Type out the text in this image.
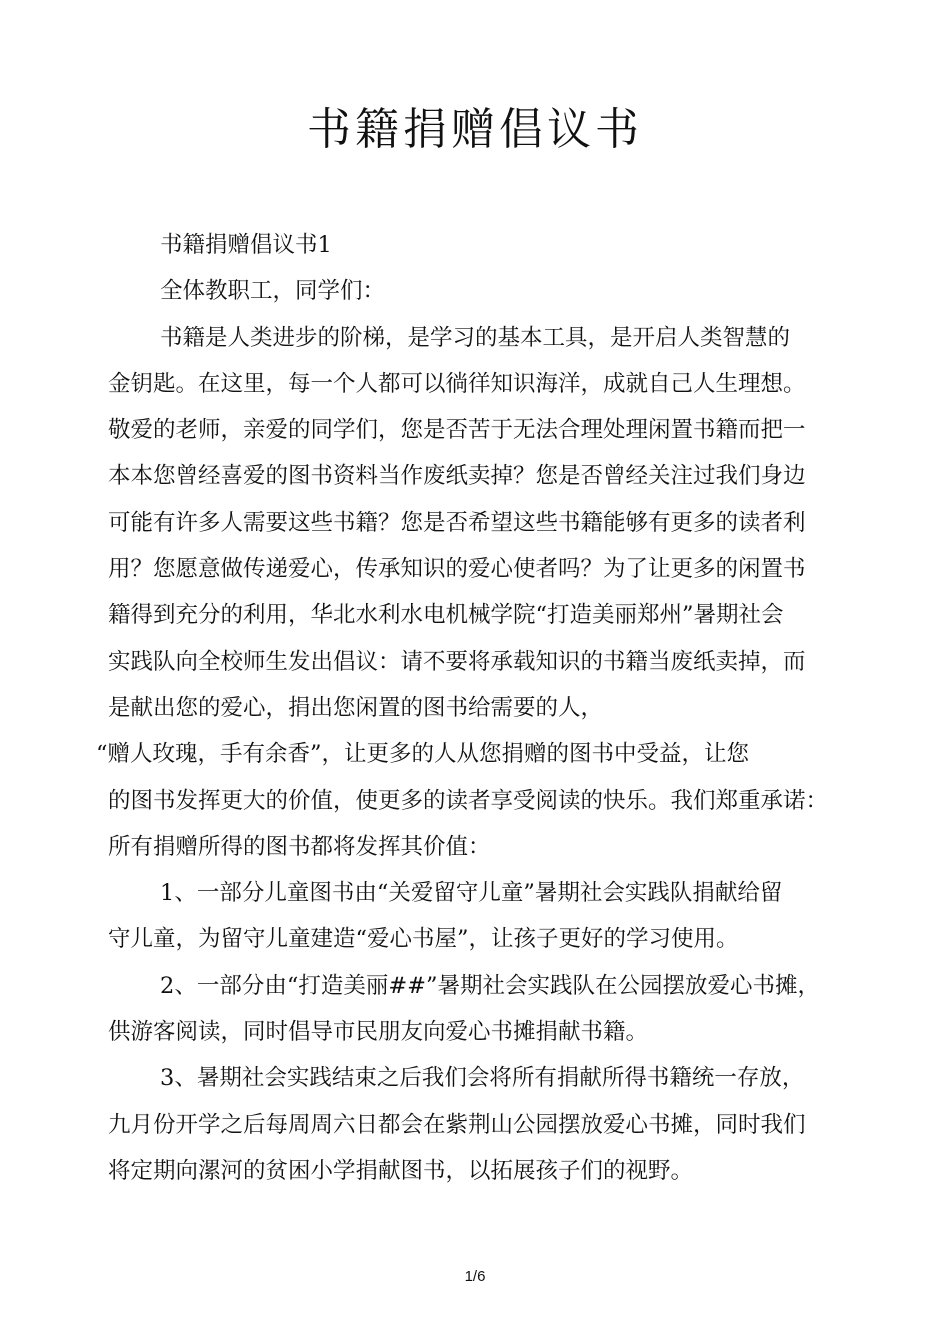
书籍捐赠倡议书

书籍捐赠倡议书1

全体教职工，同学们：

书籍是人类进步的阶梯，是学习的基本工具，是开启人类智慧的

金钥匙。在这里，每一个人都可以徜徉知识海洋，成就自己人生理想。

敬爱的老师，亲爱的同学们，您是否苦于无法合理处理闲置书籍而把一

本本您曾经喜爱的图书资料当作废纸卖掉？您是否曾经关注过我们身边

可能有许多人需要这些书籍？您是否希望这些书籍能够有更多的读者利

用？您愿意做传递爱心，传承知识的爱心使者吗？为了让更多的闲置书

籍得到充分的利用，华北水利水电机械学院“打造美丽郑州”暑期社会

实践队向全校师生发出倡议：请不要将承载知识的书籍当废纸卖掉，而

是献出您的爱心，捐出您闲置的图书给需要的人，

“赠人玫瑰，手有余香”，让更多的人从您捐赠的图书中受益，让您

的图书发挥更大的价值，使更多的读者享受阅读的快乐。我们郑重承诺：

所有捐赠所得的图书都将发挥其价值：

1、一部分儿童图书由“关爱留守儿童”暑期社会实践队捐献给留

守儿童，为留守儿童建造“爱心书屋”，让孩子更好的学习使用。

2、一部分由“打造美丽##”暑期社会实践队在公园摆放爱心书摊，

供游客阅读，同时倡导市民朋友向爱心书摊捐献书籍。

3、暑期社会实践结束之后我们会将所有捐献所得书籍统一存放，

九月份开学之后每周周六日都会在紫荆山公园摆放爱心书摊，同时我们

将定期向漯河的贫困小学捐献图书，以拓展孩子们的视野。

1/6
